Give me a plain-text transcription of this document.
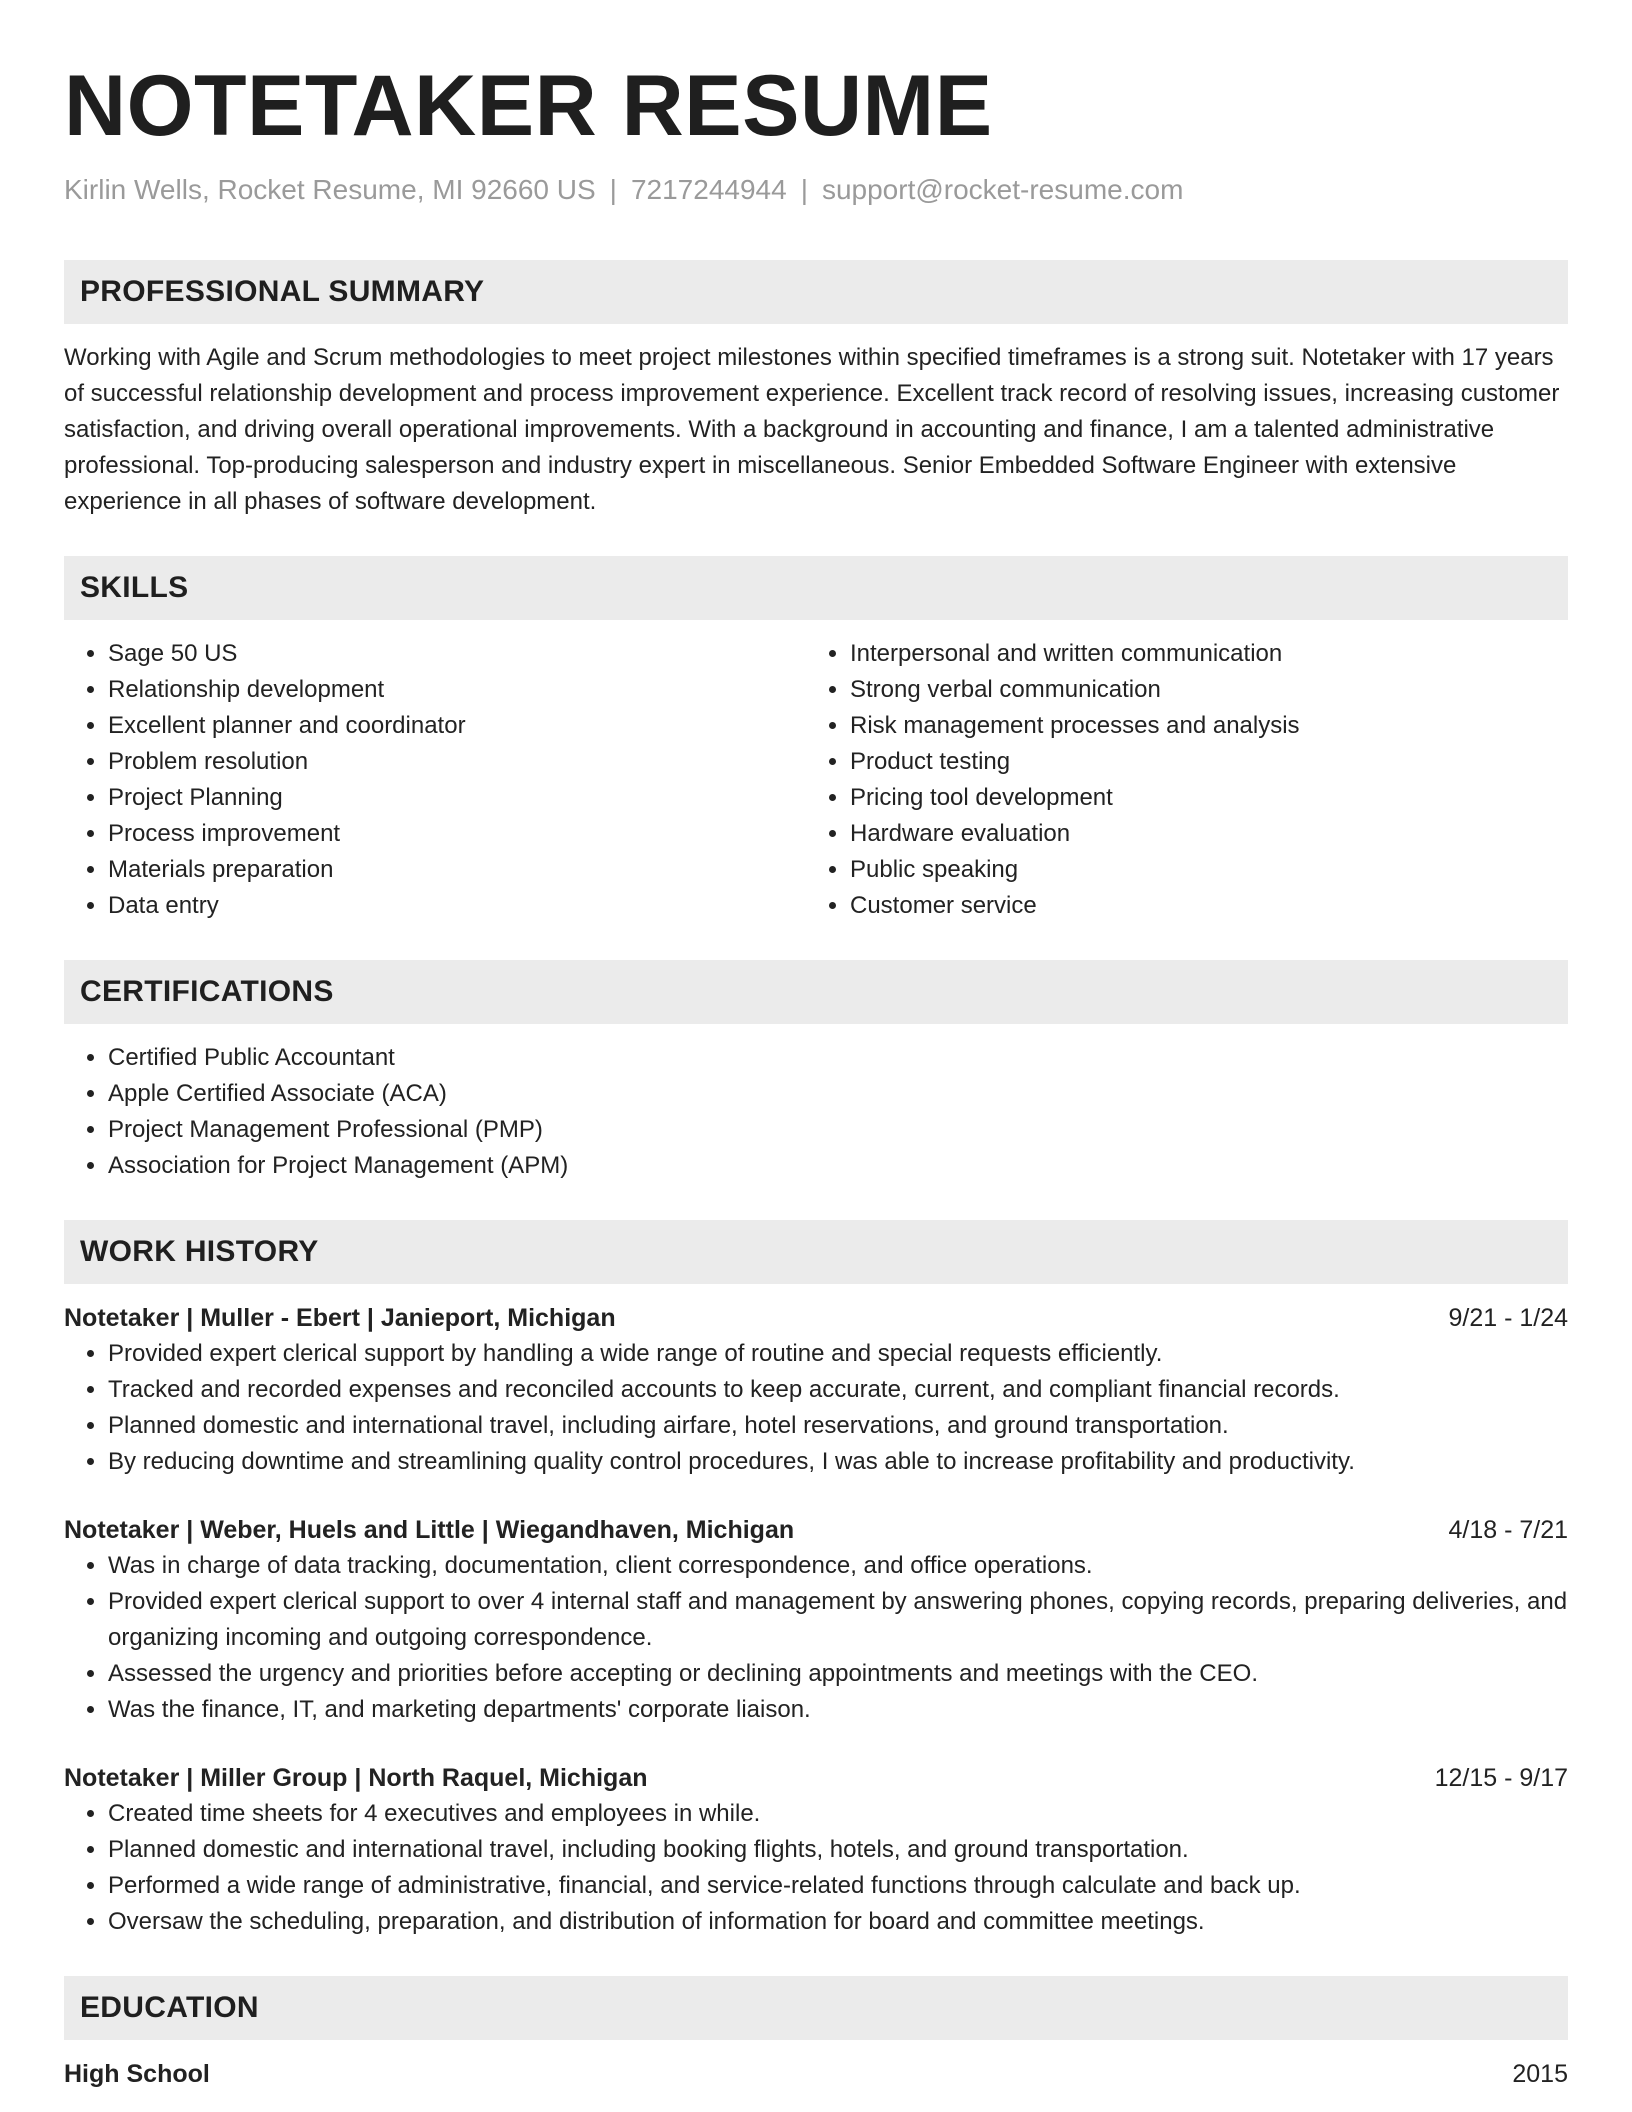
NOTETAKER RESUME
Kirlin Wells, Rocket Resume, MI 92660 US | 7217244944 | support@rocket-resume.com
PROFESSIONAL SUMMARY

Working with Agile and Scrum methodologies to meet project milestones within specified timeframes is a strong suit. Notetaker with 17 years of successful relationship development and process improvement experience. Excellent track record of resolving issues, increasing customer satisfaction, and driving overall operational improvements. With a background in accounting and finance, I am a talented administrative professional. Top-producing salesperson and industry expert in miscellaneous. Senior Embedded Software Engineer with extensive experience in all phases of software development.

SKILLS
• Sage 50 US
• Relationship development
• Excellent planner and coordinator
• Problem resolution
• Project Planning
• Process improvement
• Materials preparation
• Data entry
• Interpersonal and written communication
• Strong verbal communication
• Risk management processes and analysis
• Product testing
• Pricing tool development
• Hardware evaluation
• Public speaking
• Customer service
CERTIFICATIONS
• Certified Public Accountant
• Apple Certified Associate (ACA)
• Project Management Professional (PMP)
• Association for Project Management (APM)
WORK HISTORY
Notetaker | Muller - Ebert | Janieport, Michigan	9/21 - 1/24
• Provided expert clerical support by handling a wide range of routine and special requests efficiently.
• Tracked and recorded expenses and reconciled accounts to keep accurate, current, and compliant financial records.
• Planned domestic and international travel, including airfare, hotel reservations, and ground transportation.
• By reducing downtime and streamlining quality control procedures, I was able to increase profitability and productivity.
Notetaker | Weber, Huels and Little | Wiegandhaven, Michigan	4/18 - 7/21
• Was in charge of data tracking, documentation, client correspondence, and office operations.
• Provided expert clerical support to over 4 internal staff and management by answering phones, copying records, preparing deliveries, and organizing incoming and outgoing correspondence.
• Assessed the urgency and priorities before accepting or declining appointments and meetings with the CEO.
• Was the finance, IT, and marketing departments' corporate liaison.
Notetaker | Miller Group | North Raquel, Michigan	12/15 - 9/17
• Created time sheets for 4 executives and employees in while.
• Planned domestic and international travel, including booking flights, hotels, and ground transportation.
• Performed a wide range of administrative, financial, and service-related functions through calculate and back up.
• Oversaw the scheduling, preparation, and distribution of information for board and committee meetings.
EDUCATION
High School	2015
